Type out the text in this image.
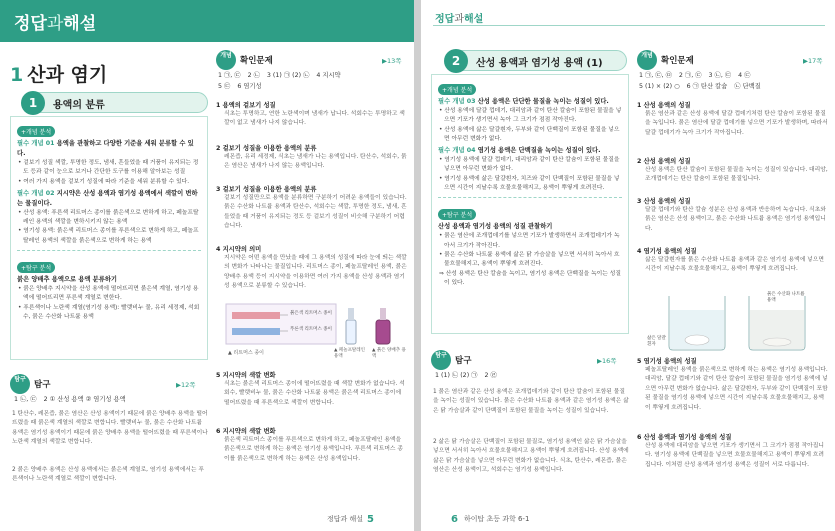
정답과해설
1 산과 염기
1	용액의 분류
+개념 분석
필수 개념 01 용액을 관찰하고 다양한 기준을 세워 분류할 수 있다.
• 겉보기 성질 색깔, 투명한 정도, 냄새, 흔들었을 때 거품이 유지되는 정도 등과 같이 눈으로 보거나 간단한 도구를 이용해 알아보는 성질
• 여러 가지 용액을 겉보기 성질에 따라 기준을 세워 분류할 수 있다.
필수 개념 02 지시약은 산성 용액과 염기성 용액에서 색깔이 변하는 물질이다.
• 산성 용액: 푸른색 리트머스 종이를 붉은색으로 변하게 하고, 페놀프탈레인 용액의 색깔을 변하시키지 않는 용액
• 염기성 용액: 붉은색 리트머스 종이를 푸른색으로 변하게 하고, 페놀프탈레인 용액의 색깔을 붉은색으로 변하게 하는 용액
+탐구 분석
붉은 양배추 용액으로 용액 분류하기
• 붉은 양배추 지시약을 산성 용액에 떨어뜨리면 붉은색 계열, 염기성 용액에 떨어뜨리면 푸른색 계열로 변한다.
• 푸른색이나 노란색 계열(염기성 용액): 빨랫비누 물, 유리 세정제, 석회수, 묽은 수산화 나트륨 용액
탐구
탐구	▶12쪽
1 ㉡, ㉢ 2 ① 산성 용액 ② 염기성 용액
1 탄산수, 레몬즙, 묽은 염산은 산성 용액이기 때문에 붉은 양배추 용액을 떨어뜨렸을 때 붉은색 계열의 색깔로 변합니다. 빨랫비누 물, 묽은 수산화 나트륨 용액은 염기성 용액이기 때문에 붉은 양배추 용액을 떨어뜨렸을 때 푸른색이나 노란색 계열의 색깔로 변합니다.
2 붉은 양배추 용액은 산성 용액에서는 붉은색 계열로, 염기성 용액에서는 푸른색이나 노란색 계열로 색깔이 변합니다.
개념
확인문제	▶13쪽
1 ㉠, ㉢ 2 ㉡ 3 (1) ㉠ (2) ㉡ 4 지시약
5 ㉢ 6 염기성
1 용액의 겉보기 성질
식초는 투명하고, 연한 노란색이며 냄새가 납니다. 석회수는 투명하고 색깔이 없고 냄새가 나지 않습니다.
2 겉보기 성질을 이용한 용액의 분류
레몬즙, 유리 세정제, 식초는 냄새가 나는 용액입니다. 탄산수, 석회수, 묽은 염산은 냄새가 나지 않는 용액입니다.
3 겉보기 성질을 이용한 용액의 분류
겉보기 성질만으로 용액을 분류하면 구분하기 어려운 용액들이 있습니다. 묽은 수산화 나트륨 용액과 탄산수, 석회수는 색깔, 투명한 정도, 냄새, 흔들었을 때 거품이 유지되는 정도 등 겉보기 성질이 비슷해 구분하기 어렵습니다.
4 지시약의 의미
지시약은 어떤 용액을 만났을 때에 그 용액의 성질에 따라 눈에 띄는 색깔의 변화가 나타나는 물질입니다. 리트머스 종이, 페놀프탈레인 용액, 붉은 양배추 용액 등이 지시약을 이용하면 여러 가지 용액을 산성 용액과 염기성 용액으로 분류할 수 있습니다.
붉은색 리트머스 종이
푸른색 리트머스 종이
▲ 리트머스 종이	▲ 페놀프탈레인 용액
▲ 붉은 양배추 용액
5 지시약의 색깔 변화
식초는 붉은색 리트머스 종이에 떨어뜨렸을 때 색깔 변화가 없습니다. 석회수, 빨랫비누 물, 묽은 수산화 나트륨 용액은 붉은색 리트머스 종이에 떨어뜨렸을 때 푸른색으로 색깔이 변합니다.
6 지시약의 색깔 변화
붉은색 리트머스 종이를 푸른색으로 변하게 하고, 페놀프탈레인 용액을 붉은색으로 변하게 하는 용액은 염기성 용액입니다. 푸른색 리트머스 종이를 붉은색으로 변하게 하는 용액은 산성 용액입니다.
정답과 해설 5
정답과해설
2	산성 용액과 염기성 용액 (1)
+개념 분석
필수 개념 03 산성 용액은 단단한 물질을 녹이는 성질이 있다.
• 산성 용액에 달걀 껍데기, 대리암과 같이 탄산 칼슘이 포함된 물질을 넣으면 기포가 생기면서 녹아 그 크기가 점점 작아진다.
• 산성 용액에 삶은 달걀흰자, 두부와 같이 단백질이 포함된 물질을 넣으면 아무런 변화가 없다.
필수 개념 04 염기성 용액은 단백질을 녹이는 성질이 있다.
• 염기성 용액에 달걀 껍데기, 대리암과 같이 탄산 칼슘이 포함된 물질을 넣으면 아무런 변화가 없다.
• 염기성 용액에 삶은 달걀흰자, 치즈와 같이 단백질이 포함된 물질을 넣으면 시간이 지날수록 흐물흐물해지고, 용액이 뿌옇게 흐려진다.
+탐구 분석
산성 용액과 염기성 용액의 성질 관찰하기
• 묽은 염산에 조개껍데기를 넣으면 기포가 발생하면서 조개껍데기가 녹아서 크기가 작아진다.
• 묽은 수산화 나트륨 용액에 삶은 닭 가슴살을 넣으면 서서히 녹아서 흐물흐물해지고, 용액이 뿌옇게 흐려진다.
⇒ 산성 용액은 탄산 칼슘을 녹이고, 염기성 용액은 단백질을 녹이는 성질이 있다.
탐구
탐구	▶16쪽
1 (1) ㉡ (2) ㉠ 2 ㉣
1 묽은 염산과 같은 산성 용액은 조개껍데기와 같이 탄산 칼슘이 포함된 물질을 녹이는 성질이 있습니다. 묽은 수산화 나트륨 용액과 같은 염기성 용액은 삶은 닭 가슴살과 같이 단백질이 포함된 물질을 녹이는 성질이 있습니다.
2 삶은 닭 가슴살은 단백질이 포함된 물질로, 염기성 용액인 삶은 닭 가슴살을 넣으면 서서히 녹아서 흐물흐물해지고 용액이 뿌옇게 흐려집니다. 산성 용액에 삶은 닭 가슴살을 넣으면 아무런 변화가 없습니다. 식초, 탄산수, 레몬즙, 묽은 염산은 산성 용액이고, 석회수는 염기성 용액입니다.
개념
확인문제	▶17쪽
1 ㉠, ㉢, ㉤ 2 ㉠, ㉢ 3 ㉡, ㉢ 4 ㉢
5 (1) × (2) ○ 6 ㉠ 탄산 칼슘 ㉡ 단백질
1 산성 용액의 성질
묽은 염산과 같은 산성 용액에 달걀 껍데기처럼 탄산 칼슘이 포함된 물질을 녹입니다. 묽은 염산에 달걀 껍데기를 넣으면 기포가 발생하며, 따라서 달걀 껍데기가 녹아 크기가 작아집니다.
2 산성 용액의 성질
산성 용액은 탄산 칼슘이 포함된 물질을 녹이는 성질이 있습니다. 대리암, 조개껍데기는 탄산 칼슘이 포함된 물질입니다.
3 산성 용액의 성질
달걀 껍데기와 탄산 칼슘 성분은 산성 용액과 반응하여 녹습니다. 식초와 묽은 염산은 산성 용액이고, 묽은 수산화 나트륨 용액은 염기성 용액입니다.
4 염기성 용액의 성질
삶은 달걀흰자를 묽은 수산화 나트륨 용액과 같은 염기성 용액에 넣으면 시간이 지날수록 흐물흐물해지고, 용액이 뿌옇게 흐려집니다.
묽은 수산화 나트륨 용액
삶은 달걀흰자
5 염기성 용액의 성질
페놀프탈레인 용액을 붉은색으로 변하게 하는 용액은 염기성 용액입니다. 대리암, 달걀 껍데기와 같이 탄산 칼슘이 포함된 물질을 염기성 용액에 넣으면 아무런 변화가 없습니다. 삶은 달걀흰자, 두부와 같이 단백질이 포함된 물질을 염기성 용액에 넣으면 시간이 지날수록 흐물흐물해지고, 용액이 뿌옇게 흐려집니다.
6 산성 용액과 염기성 용액의 성질
산성 용액에 대리암을 넣으면 기포가 생기면서 그 크기가 점점 작아집니다. 염기성 용액에 단백질을 넣으면 흐물흐물해지고 용액이 뿌옇게 흐려집니다. 이처럼 산성 용액과 염기성 용액은 성질이 서로 다릅니다.
6 하이탑 초등 과학 6-1
